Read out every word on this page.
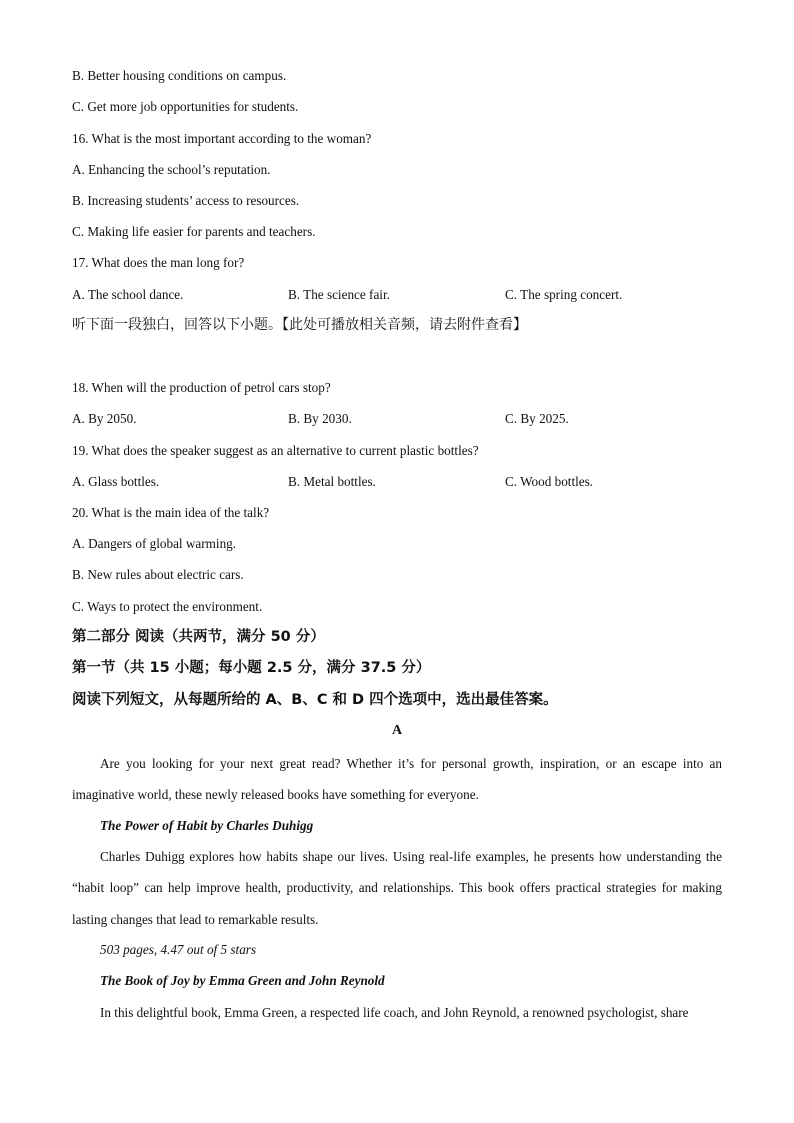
B. Better housing conditions on campus.
C. Get more job opportunities for students.
16. What is the most important according to the woman?
A. Enhancing the school’s reputation.
B. Increasing students’ access to resources.
C. Making life easier for parents and teachers.
17. What does the man long for?
A. The school dance.	B. The science fair.	C. The spring concert.
听下面一段独白，回答以下小题。【此处可播放相关音频，请去附件查看】
18. When will the production of petrol cars stop?
A. By 2050.	B. By 2030.	C. By 2025.
19. What does the speaker suggest as an alternative to current plastic bottles?
A. Glass bottles.	B. Metal bottles.	C. Wood bottles.
20. What is the main idea of the talk?
A. Dangers of global warming.
B. New rules about electric cars.
C. Ways to protect the environment.
第二部分 阅读（共两节，满分 50 分）
第一节（共 15 小题；每小题 2.5 分，满分 37.5 分）
阅读下列短文，从每题所给的 A、B、C 和 D 四个选项中，选出最佳答案。
A
Are you looking for your next great read? Whether it’s for personal growth, inspiration, or an escape into an imaginative world, these newly released books have something for everyone.
The Power of Habit by Charles Duhigg
Charles Duhigg explores how habits shape our lives. Using real-life examples, he presents how understanding the “habit loop” can help improve health, productivity, and relationships. This book offers practical strategies for making lasting changes that lead to remarkable results.
503 pages, 4.47 out of 5 stars
The Book of Joy by Emma Green and John Reynold
In this delightful book, Emma Green, a respected life coach, and John Reynold, a renowned psychologist, share
